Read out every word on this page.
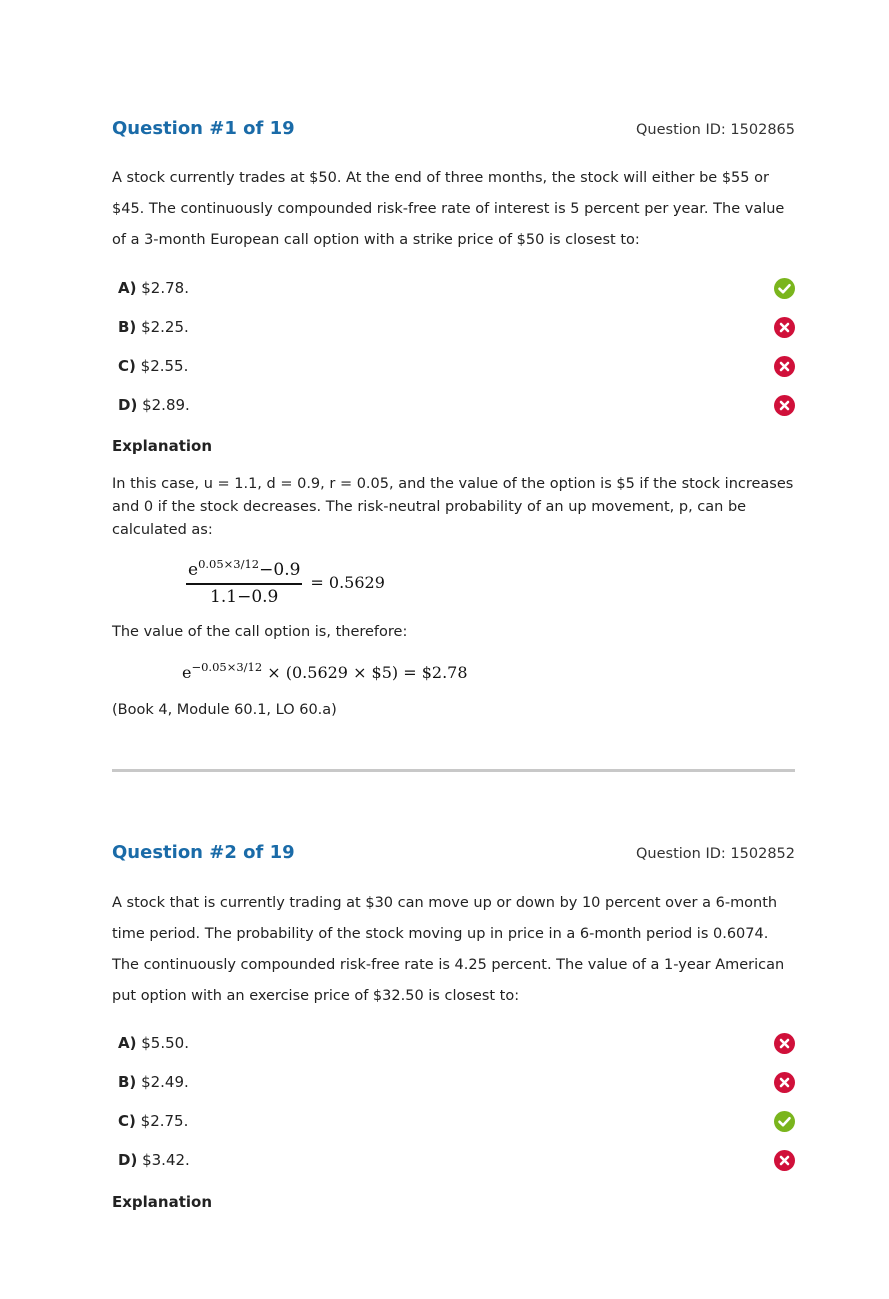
Question #1 of 19	Question ID: 1502865

A stock currently trades at $50. At the end of three months, the stock will either be $55 or $45. The continuously compounded risk-free rate of interest is 5 percent per year. The value of a 3-month European call option with a strike price of $50 is closest to:

A) $2.78.
B) $2.25.
C) $2.55.
D) $2.89.
Explanation

In this case, u = 1.1, d = 0.9, r = 0.05, and the value of the option is $5 if the stock increases and 0 if the stock decreases. The risk-neutral probability of an up movement, p, can be calculated as:

$\frac{e^{0.05\times 3/12}-0.9}{1.1-0.9} = 0.5629$
The value of the call option is, therefore:
$e^{-0.05\times 3/12} \times (0.5629$ × $5) = $2.78
(Book 4, Module 60.1, LO 60.a)
Question #2 of 19	Question ID: 1502852

A stock that is currently trading at $30 can move up or down by 10 percent over a 6-month time period. The probability of the stock moving up in price in a 6-month period is 0.6074. The continuously compounded risk-free rate is 4.25 percent. The value of a 1-year American put option with an exercise price of $32.50 is closest to:

A) $5.50.
B) $2.49.
C) $2.75.
D) $3.42.
Explanation
